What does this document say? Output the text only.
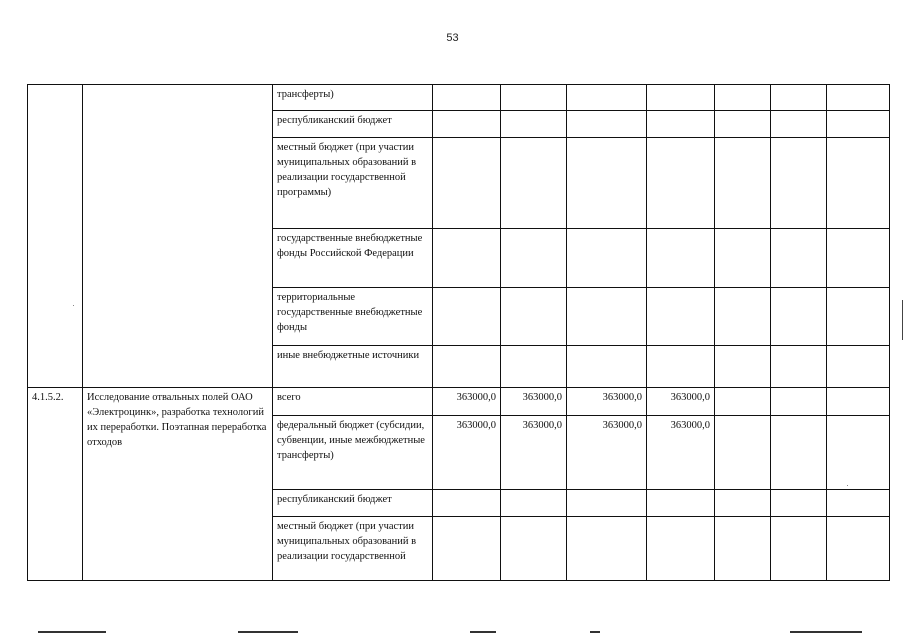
53
		трансферты)							
		республиканский бюджет							
		местный бюджет (при участии муниципальных образований в реализации государственной программы)							
		государственные внебюджетные фонды Российской Федерации							
		территориальные государственные внебюджетные фонды							
		иные внебюджетные источники							
4.1.5.2.	Исследование отвальных полей ОАО «Электроцинк», разработка технологий их переработки. Поэтапная переработка отходов	всего	363000,0	363000,0	363000,0	363000,0			
		федеральный бюджет (субсидии, субвенции, иные межбюджетные трансферты)	363000,0	363000,0	363000,0	363000,0			
		республиканский бюджет							
		местный бюджет (при участии муниципальных образований в реализации государственной							
